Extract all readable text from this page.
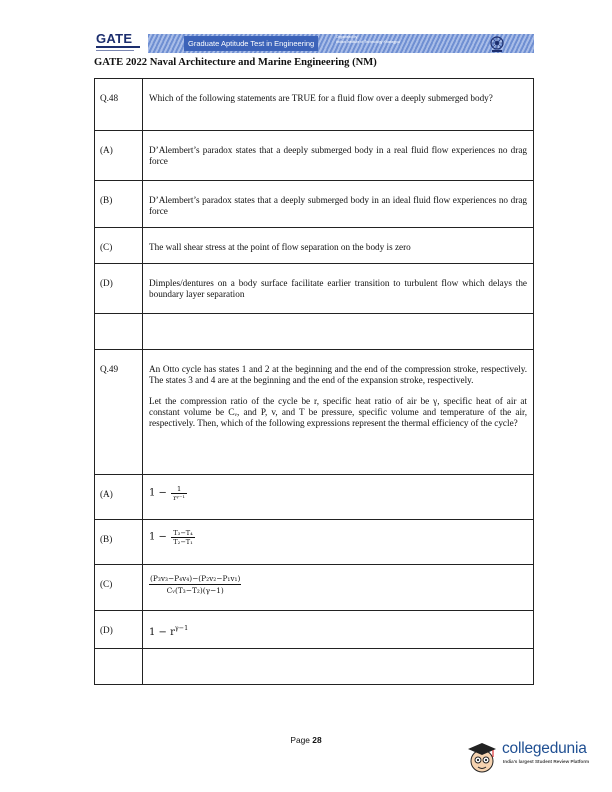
GATE	Graduate Aptitude Test in Engineering
Organised by
Indian Institute of Technology Kharagpur
GATE 2022 Naval Architecture and Marine Engineering (NM)
Q.48	Which of the following statements are TRUE for a fluid flow over a deeply submerged body?
(A)	D’Alembert’s paradox states that a deeply submerged body in a real fluid flow experiences no drag force
(B)	D’Alembert’s paradox states that a deeply submerged body in an ideal fluid flow experiences no drag force
(C)	The wall shear stress at the point of flow separation on the body is zero
(D)	Dimples/dentures on a body surface facilitate earlier transition to turbulent flow which delays the boundary layer separation

Q.49	An Otto cycle has states 1 and 2 at the beginning and the end of the compression stroke, respectively. The states 3 and 4 are at the beginning and the end of the expansion stroke, respectively.

Let the compression ratio of the cycle be r, specific heat ratio of air be γ, specific heat of air at constant volume be Cᵥ, and P, v, and T be pressure, specific volume and temperature of the air, respectively. Then, which of the following expressions represent the thermal efficiency of the cycle?

(A)	$1 - \frac{1}{\text{rᵞ⁻¹}}$

(B)	$1 - \frac{\text{T₃−T₄}}{\text{T₂−T₁}}$

(C)	$\frac{\text{(P₃v₃−P₄v₄)−(P₂v₂−P₁v₁)}}{\text{Cᵥ(T₃−T₂)(γ−1)}}$

(D)	$1 - r^{\gamma-1}$

Page 28	collegedunia
India's largest Student Review Platform
